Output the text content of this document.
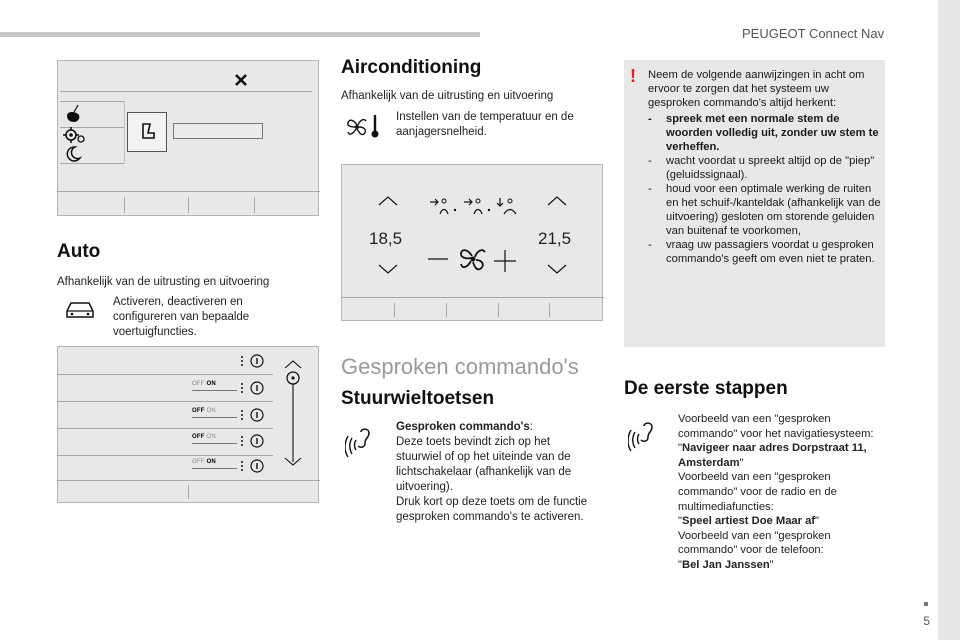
PEUGEOT Connect Nav
5
Auto
Afhankelijk van de uitrusting en uitvoering
Activeren, deactiveren en configureren van bepaalde voertuigfuncties.
OFF ON
OFF ON
OFF ON
OFF ON
Airconditioning
Afhankelijk van de uitrusting en uitvoering
Instellen van de temperatuur en de aanjagersnelheid.
18,5	21,5
Gesproken commando's
Stuurwieltoetsen
Gesproken commando's:
Deze toets bevindt zich op het stuurwiel of op het uiteinde van de lichtschakelaar (afhankelijk van de uitvoering).
Druk kort op deze toets om de functie gesproken commando's te activeren.
! Neem de volgende aanwijzingen in acht om ervoor te zorgen dat het systeem uw gesproken commando's altijd herkent:
- spreek met een normale stem de woorden volledig uit, zonder uw stem te verheffen.
- wacht voordat u spreekt altijd op de "piep" (geluidssignaal).
- houd voor een optimale werking de ruiten en het schuif-/kanteldak (afhankelijk van de uitvoering) gesloten om storende geluiden van buitenaf te voorkomen,
- vraag uw passagiers voordat u gesproken commando's geeft om even niet te praten.
De eerste stappen
Voorbeeld van een "gesproken commando" voor het navigatiesysteem:
"Navigeer naar adres Dorpstraat 11, Amsterdam"
Voorbeeld van een "gesproken commando" voor de radio en de multimediafuncties:
"Speel artiest Doe Maar af"
Voorbeeld van een "gesproken commando" voor de telefoon:
"Bel Jan Janssen"
